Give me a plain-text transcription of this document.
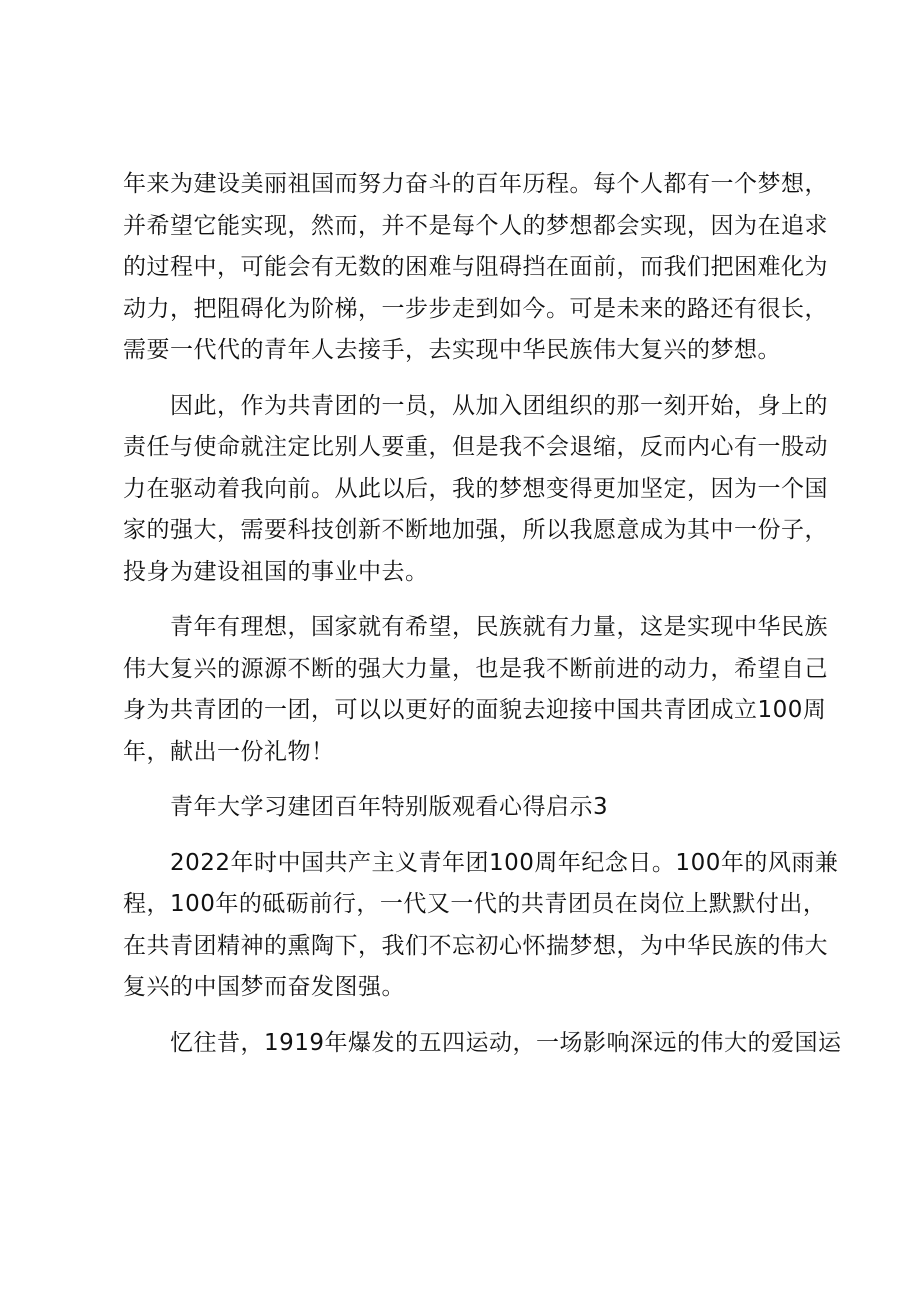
年来为建设美丽祖国而努力奋斗的百年历程。每个人都有一个梦想，
并希望它能实现，然而，并不是每个人的梦想都会实现，因为在追求
的过程中，可能会有无数的困难与阻碍挡在面前，而我们把困难化为
动力，把阻碍化为阶梯，一步步走到如今。可是未来的路还有很长，
需要一代代的青年人去接手，去实现中华民族伟大复兴的梦想。
因此，作为共青团的一员，从加入团组织的那一刻开始，身上的
责任与使命就注定比别人要重，但是我不会退缩，反而内心有一股动
力在驱动着我向前。从此以后，我的梦想变得更加坚定，因为一个国
家的强大，需要科技创新不断地加强，所以我愿意成为其中一份子，
投身为建设祖国的事业中去。
青年有理想，国家就有希望，民族就有力量，这是实现中华民族
伟大复兴的源源不断的强大力量，也是我不断前进的动力，希望自己
身为共青团的一团，可以以更好的面貌去迎接中国共青团成立100周
年，献出一份礼物！
青年大学习建团百年特别版观看心得启示3
2022年时中国共产主义青年团100周年纪念日。100年的风雨兼
程，100年的砥砺前行，一代又一代的共青团员在岗位上默默付出，
在共青团精神的熏陶下，我们不忘初心怀揣梦想，为中华民族的伟大
复兴的中国梦而奋发图强。
忆往昔，1919年爆发的五四运动，一场影响深远的伟大的爱国运
